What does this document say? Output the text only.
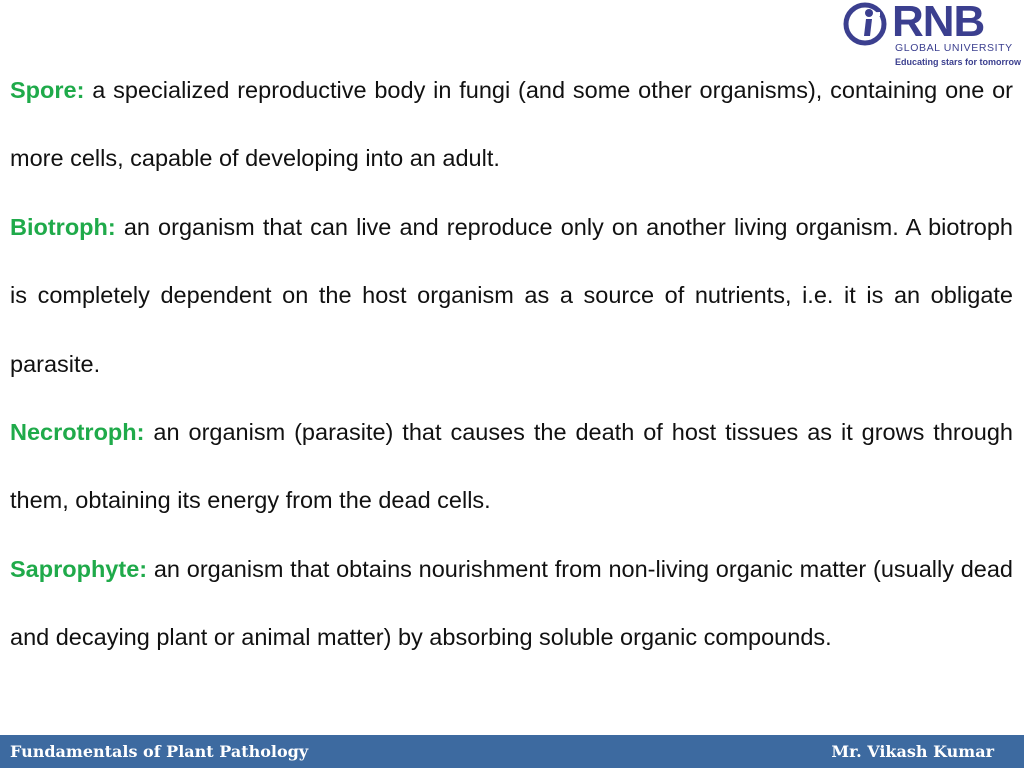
RNB
GLOBAL UNIVERSITY
Educating stars for tomorrow

Spore: a specialized reproductive body in fungi (and some other organisms), containing one or more cells, capable of developing into an adult.

Biotroph: an organism that can live and reproduce only on another living organism. A biotroph is completely dependent on the host organism as a source of nutrients, i.e. it is an obligate parasite.

Necrotroph: an organism (parasite) that causes the death of host tissues as it grows through them, obtaining its energy from the dead cells.

Saprophyte: an organism that obtains nourishment from non-living organic matter (usually dead and decaying plant or animal matter) by absorbing soluble organic compounds.

Fundamentals of Plant Pathology	Mr. Vikash Kumar
